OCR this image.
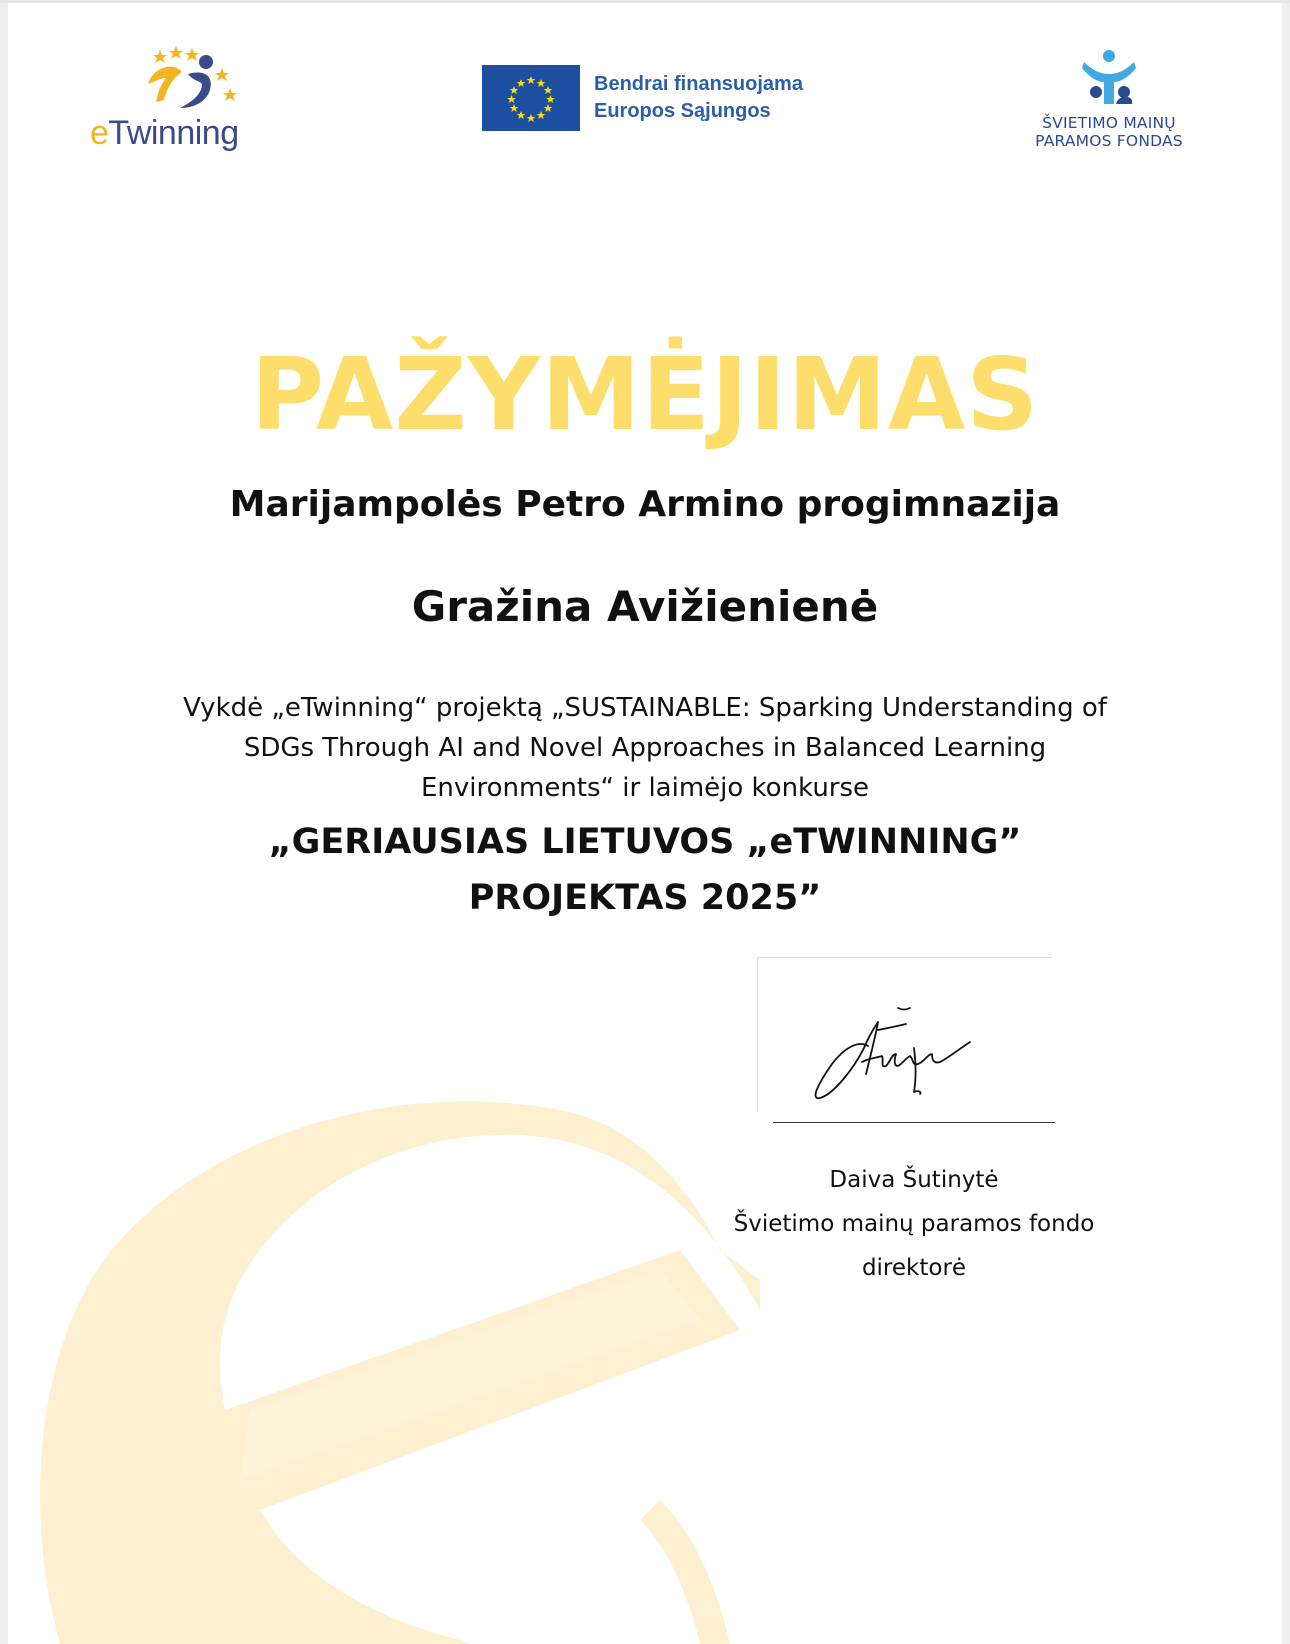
eTwinning
Bendrai finansuojama
Europos Sąjungos
ŠVIETIMO MAINŲ
PARAMOS FONDAS
PAŽYMĖJIMAS
Marijampolės Petro Armino progimnazija
Gražina Avižienienė
Vykdė „eTwinning“ projektą „SUSTAINABLE: Sparking Understanding of
SDGs Through AI and Novel Approaches in Balanced Learning
Environments“ ir laimėjo konkurse
„GERIAUSIAS LIETUVOS „eTWINNING”
PROJEKTAS 2025”
Daiva Šutinytė
Švietimo mainų paramos fondo
direktorė
